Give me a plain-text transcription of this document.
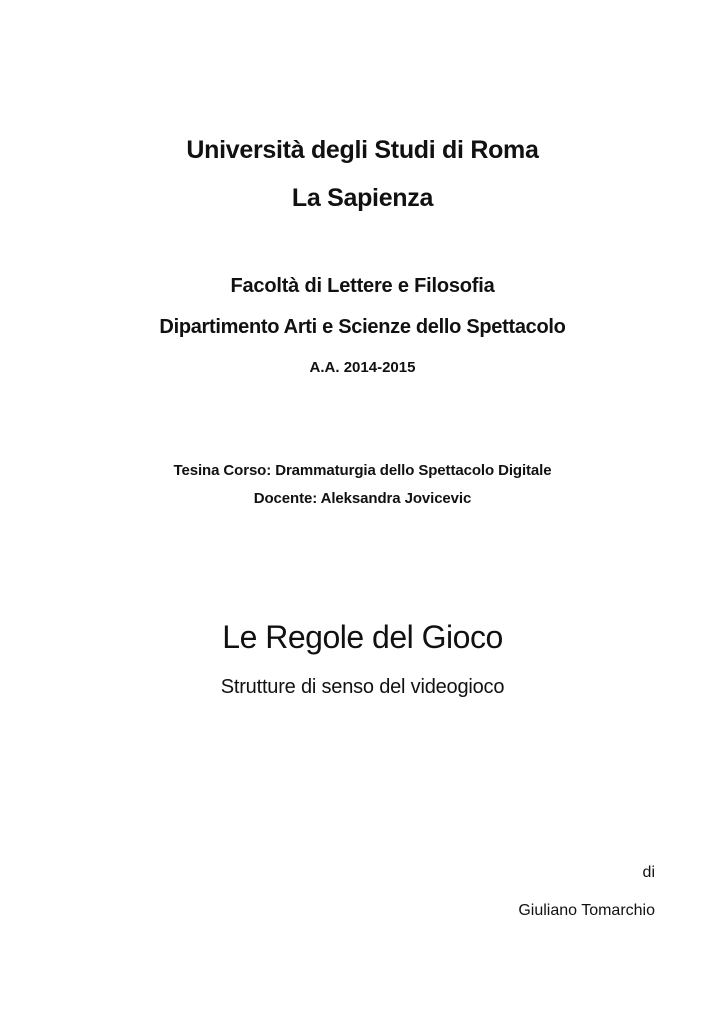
Università degli Studi di Roma
La Sapienza
Facoltà di Lettere e Filosofia
Dipartimento Arti e Scienze dello Spettacolo
A.A. 2014-2015
Tesina Corso: Drammaturgia dello Spettacolo Digitale
Docente: Aleksandra Jovicevic
Le Regole del Gioco
Strutture di senso del videogioco
di
Giuliano Tomarchio
